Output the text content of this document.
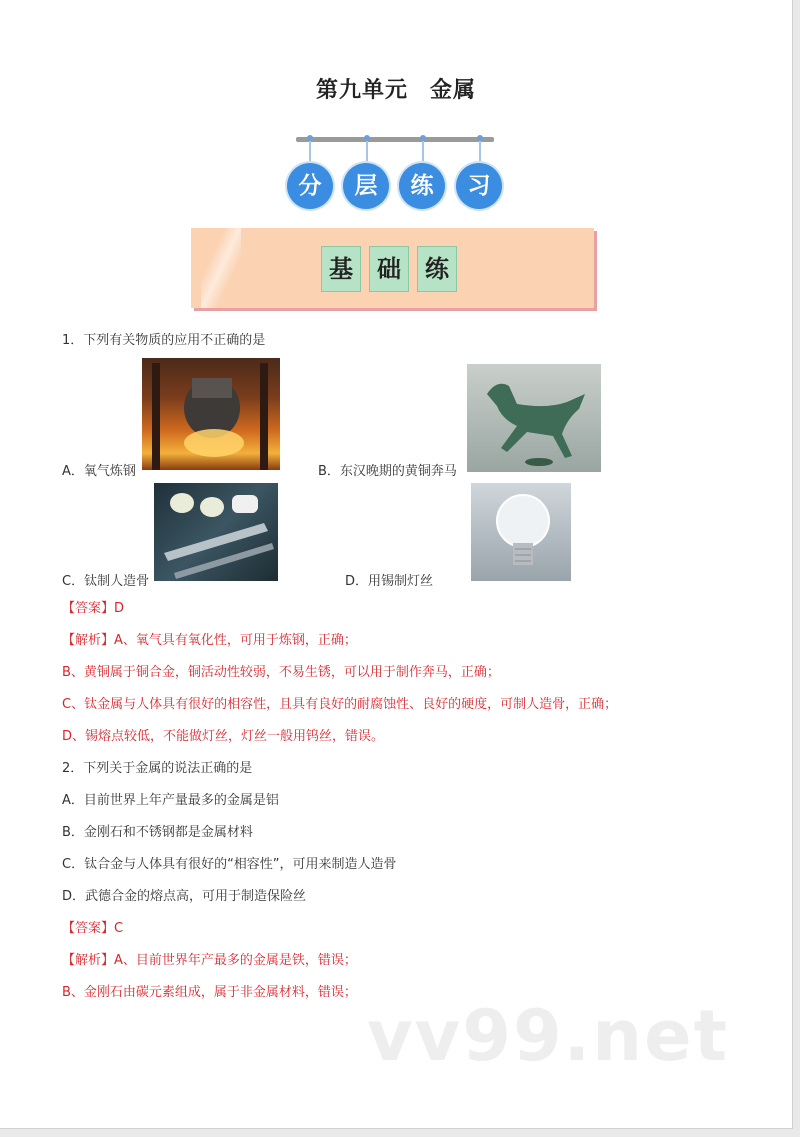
第九单元 金属
分	层	练	习
基	础	练
1．下列有关物质的应用不正确的是
A．氧气炼钢	B．东汉晚期的黄铜奔马
C．钛制人造骨	D．用锡制灯丝
【答案】D
【解析】A、氧气具有氧化性，可用于炼钢，正确；
B、黄铜属于铜合金，铜活动性较弱，不易生锈，可以用于制作奔马，正确；
C、钛金属与人体具有很好的相容性，且具有良好的耐腐蚀性、良好的硬度，可制人造骨，正确；
D、锡熔点较低，不能做灯丝，灯丝一般用钨丝，错误。
2．下列关于金属的说法正确的是
A．目前世界上年产量最多的金属是铝
B．金刚石和不锈钢都是金属材料
C．钛合金与人体具有很好的“相容性”，可用来制造人造骨
D．武德合金的熔点高，可用于制造保险丝
【答案】C
【解析】A、目前世界年产最多的金属是铁，错误；
B、金刚石由碳元素组成，属于非金属材料，错误；
vv99.net
